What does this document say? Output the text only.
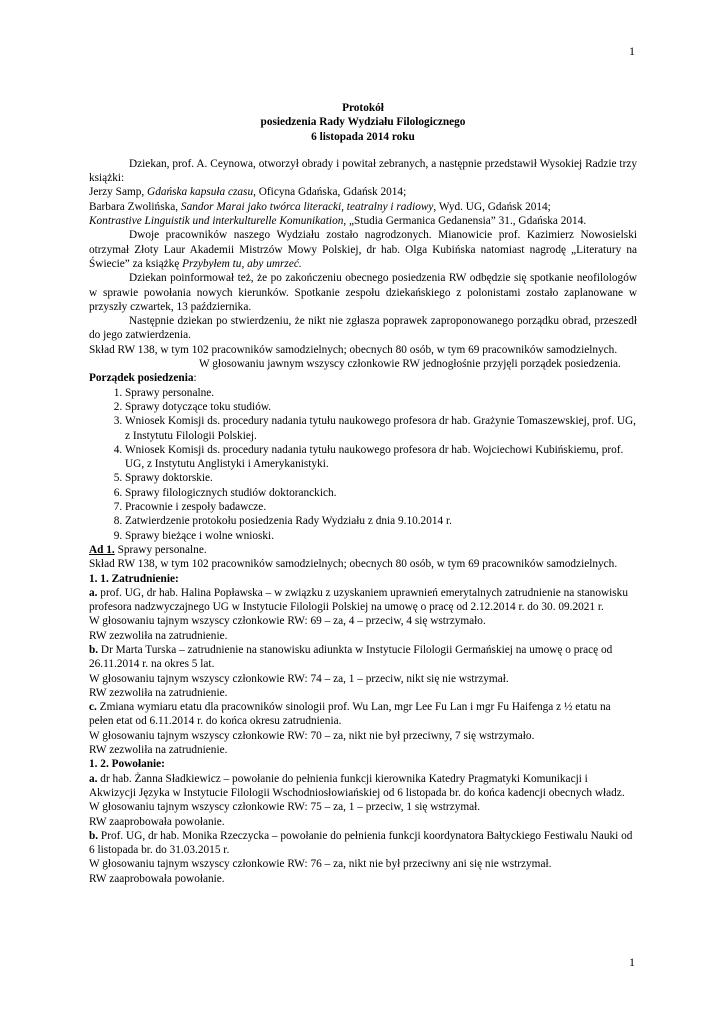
1
Protokół
posiedzenia Rady Wydziału Filologicznego
6 listopada 2014 roku

Dziekan, prof. A. Ceynowa, otworzył obrady i powitał zebranych, a następnie przedstawił Wysokiej Radzie trzy książki:

Jerzy Samp, Gdańska kapsuła czasu, Oficyna Gdańska, Gdańsk 2014;

Barbara Zwolińska, Sandor Marai jako twórca literacki, teatralny i radiowy, Wyd. UG, Gdańsk 2014;

Kontrastive Linguistik und interkulturelle Komunikation, „Studia Germanica Gedanensia” 31., Gdańska 2014.

Dwoje pracowników naszego Wydziału zostało nagrodzonych. Mianowicie prof. Kazimierz Nowosielski otrzymał Złoty Laur Akademii Mistrzów Mowy Polskiej, dr hab. Olga Kubińska natomiast nagrodę „Literatury na Świecie” za książkę Przybyłem tu, aby umrzeć.

Dziekan poinformował też, że po zakończeniu obecnego posiedzenia RW odbędzie się spotkanie neofilologów w sprawie powołania nowych kierunków. Spotkanie zespołu dziekańskiego z polonistami zostało zaplanowane w przyszły czwartek, 13 października.

Następnie dziekan po stwierdzeniu, że nikt nie zgłasza poprawek zaproponowanego porządku obrad, przeszedł do jego zatwierdzenia.

Skład RW 138, w tym 102 pracowników samodzielnych; obecnych 80 osób, w tym 69 pracowników samodzielnych.

W głosowaniu jawnym wszyscy członkowie RW jednogłośnie przyjęli porządek posiedzenia.

Porządek posiedzenia:

1. Sprawy personalne.
2. Sprawy dotyczące toku studiów.
3. Wniosek Komisji ds. procedury nadania tytułu naukowego profesora dr hab. Grażynie Tomaszewskiej, prof. UG, z Instytutu Filologii Polskiej.
4. Wniosek Komisji ds. procedury nadania tytułu naukowego profesora dr hab. Wojciechowi Kubińskiemu, prof. UG, z Instytutu Anglistyki i Amerykanistyki.
5. Sprawy doktorskie.
6. Sprawy filologicznych studiów doktoranckich.
7. Pracownie i zespoły badawcze.
8. Zatwierdzenie protokołu posiedzenia Rady Wydziału z dnia 9.10.2014 r.
9. Sprawy bieżące i wolne wnioski.

Ad 1. Sprawy personalne.

Skład RW 138, w tym 102 pracowników samodzielnych; obecnych 80 osób, w tym 69 pracowników samodzielnych.

1. 1. Zatrudnienie:

a. prof. UG, dr hab. Halina Popławska – w związku z uzyskaniem uprawnień emerytalnych zatrudnienie na stanowisku profesora nadzwyczajnego UG w Instytucie Filologii Polskiej na umowę o pracę od 2.12.2014 r. do 30. 09.2021 r.

W głosowaniu tajnym wszyscy członkowie RW: 69 – za, 4 – przeciw, 4 się wstrzymało.

RW zezwoliła na zatrudnienie.

b. Dr Marta Turska – zatrudnienie na stanowisku adiunkta w Instytucie Filologii Germańskiej na umowę o pracę od 26.11.2014 r. na okres 5 lat.

W głosowaniu tajnym wszyscy członkowie RW: 74 – za, 1 – przeciw, nikt się nie wstrzymał.

RW zezwoliła na zatrudnienie.

c. Zmiana wymiaru etatu dla pracowników sinologii prof. Wu Lan, mgr Lee Fu Lan i mgr Fu Haifenga z ½ etatu na pełen etat od 6.11.2014 r. do końca okresu zatrudnienia.

W głosowaniu tajnym wszyscy członkowie RW: 70 – za, nikt nie był przeciwny, 7 się wstrzymało.

RW zezwoliła na zatrudnienie.

1. 2. Powołanie:

a. dr hab. Żanna Sładkiewicz – powołanie do pełnienia funkcji kierownika Katedry Pragmatyki Komunikacji i Akwizycji Języka w Instytucie Filologii Wschodniosłowiańskiej od 6 listopada br. do końca kadencji obecnych władz.

W głosowaniu tajnym wszyscy członkowie RW: 75 – za, 1 – przeciw, 1 się wstrzymał.

RW zaaprobowała powołanie.

b. Prof. UG, dr hab. Monika Rzeczycka – powołanie do pełnienia funkcji koordynatora Bałtyckiego Festiwalu Nauki od 6 listopada br. do 31.03.2015 r.

W głosowaniu tajnym wszyscy członkowie RW: 76 – za, nikt nie był przeciwny ani się nie wstrzymał.

RW zaaprobowała powołanie.

1
